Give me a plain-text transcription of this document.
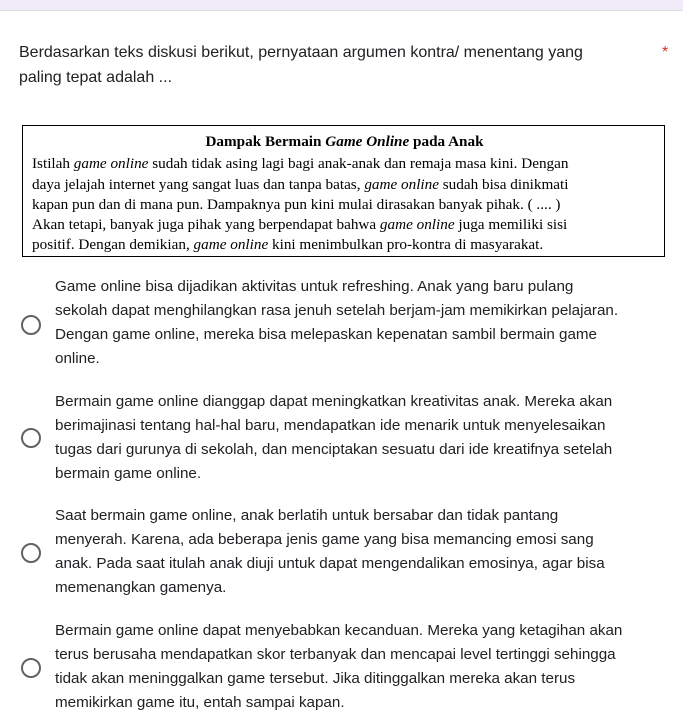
Berdasarkan teks diskusi berikut, pernyataan argumen kontra/ menentang yang
paling tepat adalah ...
*
Dampak Bermain Game Online pada Anak
Istilah game online sudah tidak asing lagi bagi anak-anak dan remaja masa kini. Dengan
daya jelajah internet yang sangat luas dan tanpa batas, game online sudah bisa dinikmati
kapan pun dan di mana pun. Dampaknya pun kini mulai dirasakan banyak pihak. ( .... )
Akan tetapi, banyak juga pihak yang berpendapat bahwa game online juga memiliki sisi
positif. Dengan demikian, game online kini menimbulkan pro-kontra di masyarakat.
Game online bisa dijadikan aktivitas untuk refreshing. Anak yang baru pulang
sekolah dapat menghilangkan rasa jenuh setelah berjam-jam memikirkan pelajaran.
Dengan game online, mereka bisa melepaskan kepenatan sambil bermain game
online.
Bermain game online dianggap dapat meningkatkan kreativitas anak. Mereka akan
berimajinasi tentang hal-hal baru, mendapatkan ide menarik untuk menyelesaikan
tugas dari gurunya di sekolah, dan menciptakan sesuatu dari ide kreatifnya setelah
bermain game online.
Saat bermain game online, anak berlatih untuk bersabar dan tidak pantang
menyerah. Karena, ada beberapa jenis game yang bisa memancing emosi sang
anak. Pada saat itulah anak diuji untuk dapat mengendalikan emosinya, agar bisa
memenangkan gamenya.
Bermain game online dapat menyebabkan kecanduan. Mereka yang ketagihan akan
terus berusaha mendapatkan skor terbanyak dan mencapai level tertinggi sehingga
tidak akan meninggalkan game tersebut. Jika ditinggalkan mereka akan terus
memikirkan game itu, entah sampai kapan.
